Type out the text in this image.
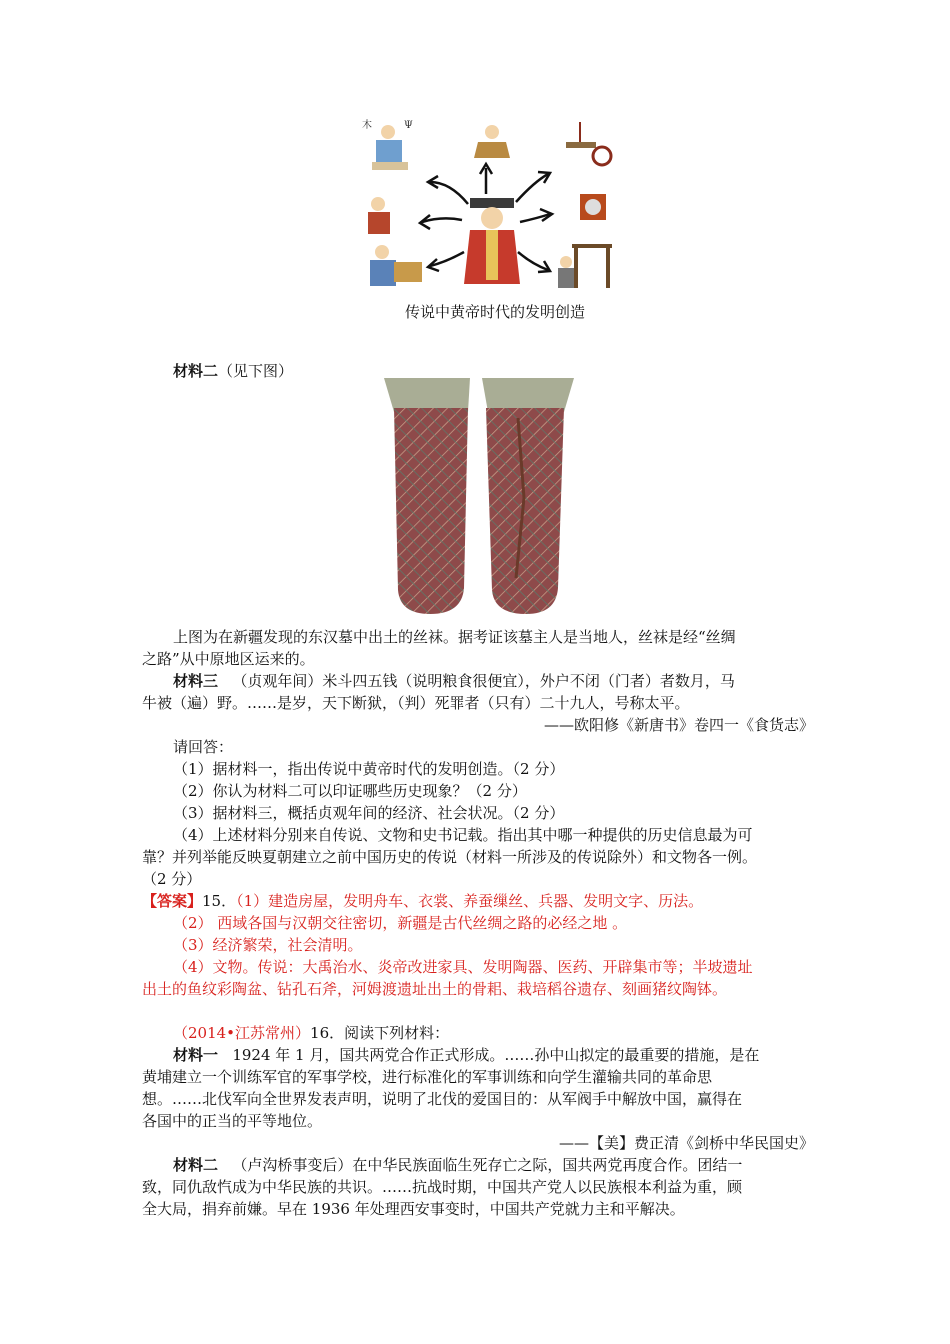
木	Ψ
传说中黄帝时代的发明创造
材料二（见下图）
上图为在新疆发现的东汉墓中出土的丝袜。据考证该墓主人是当地人，丝袜是经“丝绸
之路”从中原地区运来的。
材料三 （贞观年间）米斗四五钱（说明粮食很便宜），外户不闭（门者）者数月，马
牛被（遍）野。……是岁，天下断狱，（判）死罪者（只有）二十九人，号称太平。
——欧阳修《新唐书》卷四一《食货志》
请回答：
（1）据材料一，指出传说中黄帝时代的发明创造。（2 分）
（2）你认为材料二可以印证哪些历史现象？（2 分）
（3）据材料三，概括贞观年间的经济、社会状况。（2 分）
（4）上述材料分别来自传说、文物和史书记载。指出其中哪一种提供的历史信息最为可
靠？并列举能反映夏朝建立之前中国历史的传说（材料一所涉及的传说除外）和文物各一例。
（2 分）
【答案】15．（1）建造房屋，发明舟车、衣裳、养蚕缫丝、兵器、发明文字、历法。
（2） 西域各国与汉朝交往密切，新疆是古代丝绸之路的必经之地 。
（3）经济繁荣，社会清明。
（4）文物。传说：大禹治水、炎帝改进家具、发明陶器、医药、开辟集市等；半坡遗址
出土的鱼纹彩陶盆、钻孔石斧，河姆渡遗址出土的骨耜、栽培稻谷遗存、刻画猪纹陶钵。
（2014•江苏常州）16．阅读下列材料：
材料一 1924 年 1 月，国共两党合作正式形成。……孙中山拟定的最重要的措施，是在
黄埔建立一个训练军官的军事学校，进行标准化的军事训练和向学生灌输共同的革命思
想。……北伐军向全世界发表声明，说明了北伐的爱国目的：从军阀手中解放中国，赢得在
各国中的正当的平等地位。
——【美】费正清《剑桥中华民国史》
材料二 （卢沟桥事变后）在中华民族面临生死存亡之际，国共两党再度合作。团结一
致，同仇敌忾成为中华民族的共识。……抗战时期，中国共产党人以民族根本利益为重，顾
全大局，捐弃前嫌。早在 1936 年处理西安事变时，中国共产党就力主和平解决。
